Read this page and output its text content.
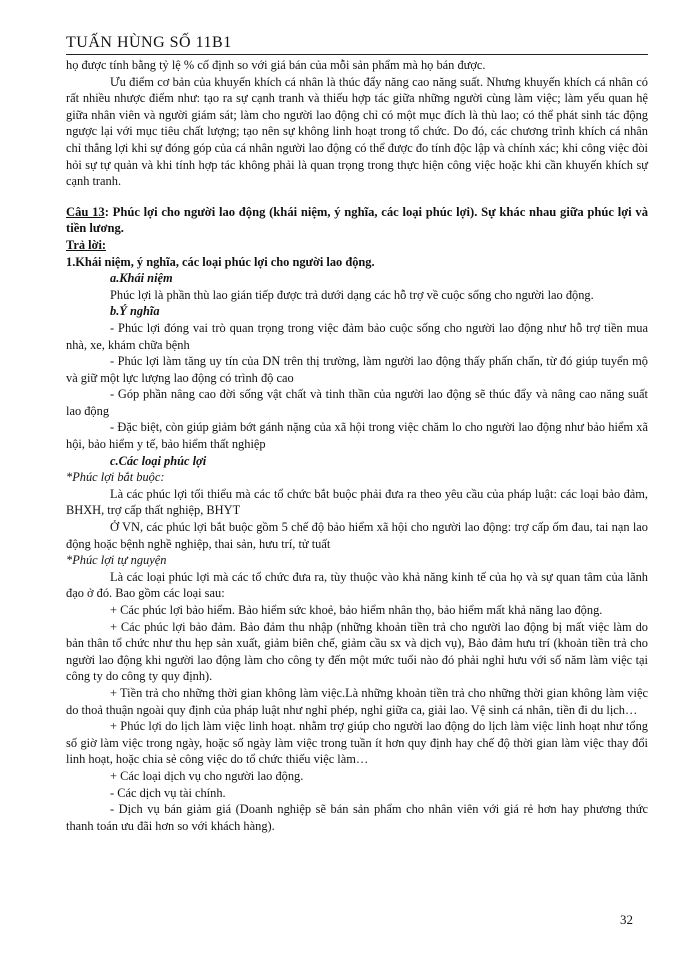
TUẤN HÙNG SỐ 11B1

họ được tính bằng tỷ lệ % cố định so với giá bán của mỗi sản phẩm mà họ bán được.

Ưu điểm cơ bản của khuyến khích cá nhân là thúc đẩy năng cao năng suất. Nhưng khuyến khích cá nhân có rất nhiều nhược điểm như: tạo ra sự cạnh tranh và thiếu hợp tác giữa những người cùng làm việc; làm yếu quan hệ giữa nhân viên và người giám sát; làm cho người lao động chỉ có một mục đích là thù lao; có thể phát sinh tác động ngược lại với mục tiêu chất lượng; tạo nên sự không linh hoạt trong tổ chức. Do đó, các chương trình khích cá nhân chỉ thắng lợi khi sự đóng góp của cá nhân người lao động có thể được đo tính độc lập và chính xác; khi công việc đòi hỏi sự tự quản và khi tính hợp tác không phải là quan trọng trong thực hiện công việc hoặc khi cần khuyến khích sự cạnh tranh.

Câu 13: Phúc lợi cho người lao động (khái niệm, ý nghĩa, các loại phúc lợi). Sự khác nhau giữa phúc lợi và tiền lương.

Trả lời:

1.Khái niệm, ý nghĩa, các loại phúc lợi cho người lao động.

a.Khái niệm

Phúc lợi là phần thù lao gián tiếp được trả dưới dạng các hỗ trợ về cuộc sống cho người lao động.

b.Ý nghĩa

- Phúc lợi đóng vai trò quan trọng trong việc đảm bảo cuộc sống cho người lao động như hỗ trợ tiền mua nhà, xe, khám chữa bệnh

- Phúc lợi làm tăng uy tín của DN trên thị trường, làm người lao động thấy phấn chấn, từ đó giúp tuyển mộ và giữ một lực lượng lao động có trình độ cao

- Góp phần nâng cao đời sống vật chất và tinh thần của người lao động sẽ thúc đẩy và nâng cao năng suất lao động

- Đặc biệt, còn giúp giảm bớt gánh nặng của xã hội trong việc chăm lo cho người lao động như bảo hiểm xã hội, bảo hiểm y tế, bảo hiểm thất nghiệp

c.Các loại phúc lợi

*Phúc lợi bắt buộc:

Là các phúc lợi tối thiểu mà các tổ chức bắt buộc phải đưa ra theo yêu cầu của pháp luật: các loại bảo đảm, BHXH, trợ cấp thất nghiệp, BHYT

Ở VN, các phúc lợi bắt buộc gồm 5 chế độ bảo hiểm xã hội cho người lao động: trợ cấp ốm đau, tai nạn lao động hoặc bệnh nghề nghiệp, thai sản, hưu trí, tử tuất

*Phúc lợi tự nguyện

Là các loại phúc lợi mà các tổ chức đưa ra, tùy thuộc vào khả năng kinh tế của họ và sự quan tâm của lãnh đạo ở đó. Bao gồm các loại sau:

+ Các phúc lợi bảo hiểm. Bảo hiểm sức khoẻ, bảo hiểm nhân thọ, bảo hiểm mất khả năng lao động.

+ Các phúc lợi bảo đảm. Bảo đảm thu nhập (những khoản tiền trả cho người lao động bị mất việc làm do bản thân tổ chức như thu hẹp sản xuất, giảm biên chế, giảm cầu sx và dịch vụ), Bảo đảm hưu trí (khoản tiền trả cho người lao động khi người lao động làm cho công ty đến một mức tuổi nào đó phải nghỉ hưu với số năm làm việc tại công ty do công ty quy định).

+ Tiền trả cho những thời gian không làm việc.Là những khoản tiền trả cho những thời gian không làm việc do thoả thuận ngoài quy định của pháp luật như nghỉ phép, nghỉ giữa ca, giải lao. Vệ sinh cá nhân, tiền đi du lịch…

+ Phúc lợi do lịch làm việc linh hoạt. nhằm trợ giúp cho người lao động do lịch làm việc linh hoạt như tổng số giờ làm việc trong ngày, hoặc số ngày làm việc trong tuần ít hơn quy định hay chế độ thời gian làm việc thay đổi linh hoạt, hoặc chia sẻ công việc do tổ chức thiếu việc làm…

+ Các loại dịch vụ cho người lao động.

- Các dịch vụ tài chính.

- Dịch vụ bán giảm giá (Doanh nghiệp sẽ bán sản phẩm cho nhân viên với giá rẻ hơn hay phương thức thanh toán ưu đãi hơn so với khách hàng).

32
